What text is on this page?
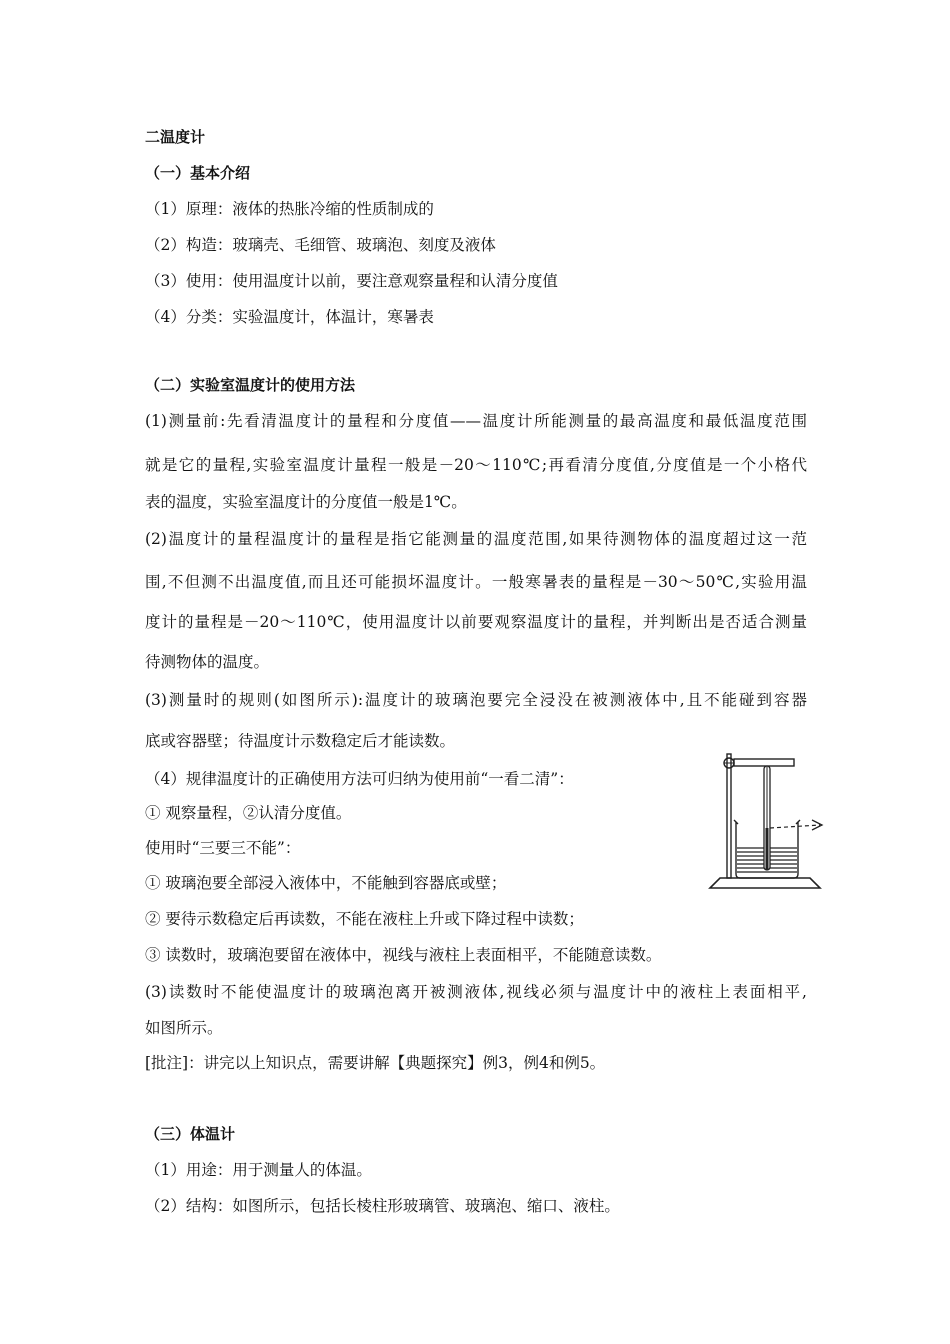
二温度计
（一）基本介绍
（1）原理：液体的热胀冷缩的性质制成的
（2）构造：玻璃壳、毛细管、玻璃泡、刻度及液体
（3）使用：使用温度计以前，要注意观察量程和认清分度值
（4）分类：实验温度计，体温计，寒暑表
（二）实验室温度计的使用方法
(1)测量前:先看清温度计的量程和分度值——温度计所能测量的最高温度和最低温度范围
就是它的量程,实验室温度计量程一般是－20～110℃;再看清分度值,分度值是一个小格代
表的温度，实验室温度计的分度值一般是1℃。
(2)温度计的量程温度计的量程是指它能测量的温度范围,如果待测物体的温度超过这一范
围,不但测不出温度值,而且还可能损坏温度计。一般寒暑表的量程是－30～50℃,实验用温
度计的量程是－20～110℃，使用温度计以前要观察温度计的量程，并判断出是否适合测量
待测物体的温度。
(3)测量时的规则(如图所示):温度计的玻璃泡要完全浸没在被测液体中,且不能碰到容器
底或容器壁；待温度计示数稳定后才能读数。
（4）规律温度计的正确使用方法可归纳为使用前“一看二清”：
① 观察量程，②认清分度值。
使用时“三要三不能”：
① 玻璃泡要全部浸入液体中，不能触到容器底或壁；
② 要待示数稳定后再读数，不能在液柱上升或下降过程中读数；
③ 读数时，玻璃泡要留在液体中，视线与液柱上表面相平，不能随意读数。
(3)读数时不能使温度计的玻璃泡离开被测液体,视线必须与温度计中的液柱上表面相平,
如图所示。
[批注]：讲完以上知识点，需要讲解【典题探究】例3，例4和例5。
（三）体温计
（1）用途：用于测量人的体温。
（2）结构：如图所示，包括长棱柱形玻璃管、玻璃泡、缩口、液柱。
